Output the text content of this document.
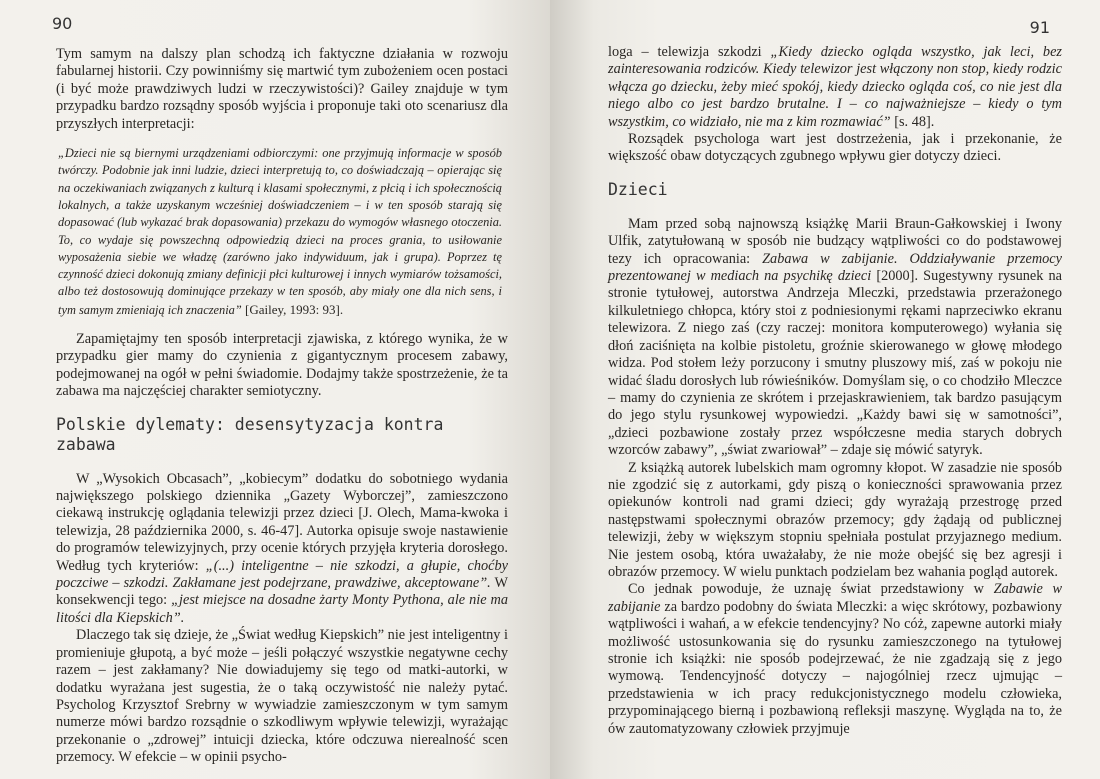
90

Tym samym na dalszy plan schodzą ich faktyczne działania w rozwoju fabularnej historii. Czy powinniśmy się martwić tym zubożeniem ocen postaci (i być może prawdziwych ludzi w rzeczywistości)? Gailey znajduje w tym przypadku bardzo rozsądny sposób wyjścia i proponuje taki oto scenariusz dla przyszłych interpretacji:

„Dzieci nie są biernymi urządzeniami odbiorczymi: one przyjmują informacje w sposób twórczy. Podobnie jak inni ludzie, dzieci interpretują to, co doświadczają – opierając się na oczekiwaniach związanych z kulturą i klasami społecznymi, z płcią i ich społecznością lokalnych, a także uzyskanym wcześniej doświadczeniem – i w ten sposób starają się dopasować (lub wykazać brak dopasowania) przekazu do wymogów własnego otoczenia. To, co wydaje się powszechną odpowiedzią dzieci na proces grania, to usiłowanie wyposażenia siebie we władzę (zarówno jako indywiduum, jak i grupa). Poprzez tę czynność dzieci dokonują zmiany definicji płci kulturowej i innych wymiarów tożsamości, albo też dostosowują dominujące przekazy w ten sposób, aby miały one dla nich sens, i tym samym zmieniają ich znaczenia” [Gailey, 1993: 93].

Zapamiętajmy ten sposób interpretacji zjawiska, z którego wynika, że w przypadku gier mamy do czynienia z gigantycznym procesem zabawy, podejmowanej na ogół w pełni świadomie. Dodajmy także spostrzeżenie, że ta zabawa ma najczęściej charakter semiotyczny.

Polskie dylematy: desensytyzacja kontra zabawa

W „Wysokich Obcasach”, „kobiecym” dodatku do sobotniego wydania największego polskiego dziennika „Gazety Wyborczej”, zamieszczono ciekawą instrukcję oglądania telewizji przez dzieci [J. Olech, Mama-kwoka i telewizja, 28 października 2000, s. 46-47]. Autorka opisuje swoje nastawienie do programów telewizyjnych, przy ocenie których przyjęła kryteria dorosłego. Według tych kryteriów: „(...) inteligentne – nie szkodzi, a głupie, choćby poczciwe – szkodzi. Zakłamane jest podejrzane, prawdziwe, akceptowane”. W konsekwencji tego: „jest miejsce na dosadne żarty Monty Pythona, ale nie ma litości dla Kiepskich”.

Dlaczego tak się dzieje, że „Świat według Kiepskich” nie jest inteligentny i promieniuje głupotą, a być może – jeśli połączyć wszystkie negatywne cechy razem – jest zakłamany? Nie dowiadujemy się tego od matki-autorki, w dodatku wyrażana jest sugestia, że o taką oczywistość nie należy pytać. Psycholog Krzysztof Srebrny w wywiadzie zamieszczonym w tym samym numerze mówi bardzo rozsądnie o szkodliwym wpływie telewizji, wyrażając przekonanie o „zdrowej” intuicji dziecka, które odczuwa nierealność scen przemocy. W efekcie – w opinii psycho-

91

loga – telewizja szkodzi „Kiedy dziecko ogląda wszystko, jak leci, bez zainteresowania rodziców. Kiedy telewizor jest włączony non stop, kiedy rodzic włącza go dziecku, żeby mieć spokój, kiedy dziecko ogląda coś, co nie jest dla niego albo co jest bardzo brutalne. I – co najważniejsze – kiedy o tym wszystkim, co widziało, nie ma z kim rozmawiać” [s. 48].

Rozsądek psychologa wart jest dostrzeżenia, jak i przekonanie, że większość obaw dotyczących zgubnego wpływu gier dotyczy dzieci.

Dzieci

Mam przed sobą najnowszą książkę Marii Braun-Gałkowskiej i Iwony Ulfik, zatytułowaną w sposób nie budzący wątpliwości co do podstawowej tezy ich opracowania: Zabawa w zabijanie. Oddziaływanie przemocy prezentowanej w mediach na psychikę dzieci [2000]. Sugestywny rysunek na stronie tytułowej, autorstwa Andrzeja Mleczki, przedstawia przerażonego kilkuletniego chłopca, który stoi z podniesionymi rękami naprzeciwko ekranu telewizora. Z niego zaś (czy raczej: monitora komputerowego) wyłania się dłoń zaciśnięta na kolbie pistoletu, groźnie skierowanego w głowę młodego widza. Pod stołem leży porzucony i smutny pluszowy miś, zaś w pokoju nie widać śladu dorosłych lub rówieśników. Domyślam się, o co chodziło Mleczce – mamy do czynienia ze skrótem i przejaskrawieniem, tak bardzo pasującym do jego stylu rysunkowej wypowiedzi. „Każdy bawi się w samotności”, „dzieci pozbawione zostały przez współczesne media starych dobrych wzorców zabawy”, „świat zwariował” – zdaje się mówić satyryk.

Z książką autorek lubelskich mam ogromny kłopot. W zasadzie nie sposób nie zgodzić się z autorkami, gdy piszą o konieczności sprawowania przez opiekunów kontroli nad grami dzieci; gdy wyrażają przestrogę przed następstwami społecznymi obrazów przemocy; gdy żądają od publicznej telewizji, żeby w większym stopniu spełniała postulat przyjaznego medium. Nie jestem osobą, która uważałaby, że nie może obejść się bez agresji i obrazów przemocy. W wielu punktach podzielam bez wahania pogląd autorek.

Co jednak powoduje, że uznaję świat przedstawiony w Zabawie w zabijanie za bardzo podobny do świata Mleczki: a więc skrótowy, pozbawiony wątpliwości i wahań, a w efekcie tendencyjny? No cóż, zapewne autorki miały możliwość ustosunkowania się do rysunku zamieszczonego na tytułowej stronie ich książki: nie sposób podejrzewać, że nie zgadzają się z jego wymową. Tendencyjność dotyczy – najogólniej rzecz ujmując – przedstawienia w ich pracy redukcjonistycznego modelu człowieka, przypominającego bierną i pozbawioną refleksji maszynę. Wygląda na to, że ów zautomatyzowany człowiek przyjmuje
